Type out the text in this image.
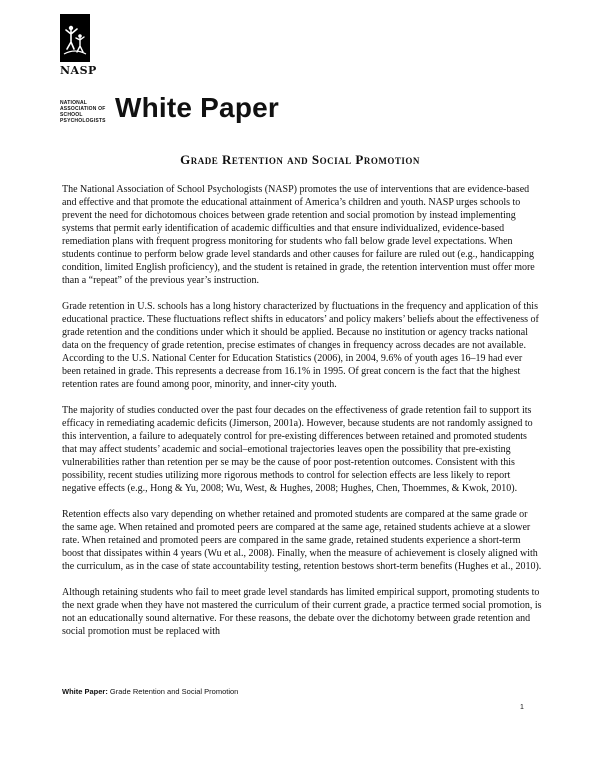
NASP
NATIONAL
ASSOCIATION OF
SCHOOL
PSYCHOLOGISTS White Paper
Grade Retention and Social Promotion

The National Association of School Psychologists (NASP) promotes the use of interventions that are evidence-based and effective and that promote the educational attainment of America’s children and youth. NASP urges schools to prevent the need for dichotomous choices between grade retention and social promotion by instead implementing systems that permit early identification of academic difficulties and that ensure individualized, evidence-based remediation plans with frequent progress monitoring for students who fall below grade level expectations. When students continue to perform below grade level standards and other causes for failure are ruled out (e.g., handicapping condition, limited English proficiency), and the student is retained in grade, the retention intervention must offer more than a “repeat” of the previous year’s instruction.

Grade retention in U.S. schools has a long history characterized by fluctuations in the frequency and application of this educational practice. These fluctuations reflect shifts in educators’ and policy makers’ beliefs about the effectiveness of grade retention and the conditions under which it should be applied. Because no institution or agency tracks national data on the frequency of grade retention, precise estimates of changes in frequency across decades are not available. According to the U.S. National Center for Education Statistics (2006), in 2004, 9.6% of youth ages 16–19 had ever been retained in grade. This represents a decrease from 16.1% in 1995. Of great concern is the fact that the highest retention rates are found among poor, minority, and inner-city youth.

The majority of studies conducted over the past four decades on the effectiveness of grade retention fail to support its efficacy in remediating academic deficits (Jimerson, 2001a). However, because students are not randomly assigned to this intervention, a failure to adequately control for pre-existing differences between retained and promoted students that may affect students’ academic and social–emotional trajectories leaves open the possibility that pre-existing vulnerabilities rather than retention per se may be the cause of poor post-retention outcomes. Consistent with this possibility, recent studies utilizing more rigorous methods to control for selection effects are less likely to report negative effects (e.g., Hong & Yu, 2008; Wu, West, & Hughes, 2008; Hughes, Chen, Thoemmes, & Kwok, 2010).

Retention effects also vary depending on whether retained and promoted students are compared at the same grade or the same age. When retained and promoted peers are compared at the same age, retained students achieve at a slower rate. When retained and promoted peers are compared in the same grade, retained students experience a short-term boost that dissipates within 4 years (Wu et al., 2008). Finally, when the measure of achievement is closely aligned with the curriculum, as in the case of state accountability testing, retention bestows short-term benefits (Hughes et al., 2010).

Although retaining students who fail to meet grade level standards has limited empirical support, promoting students to the next grade when they have not mastered the curriculum of their current grade, a practice termed social promotion, is not an educationally sound alternative. For these reasons, the debate over the dichotomy between grade retention and social promotion must be replaced with

White Paper: Grade Retention and Social Promotion
1
